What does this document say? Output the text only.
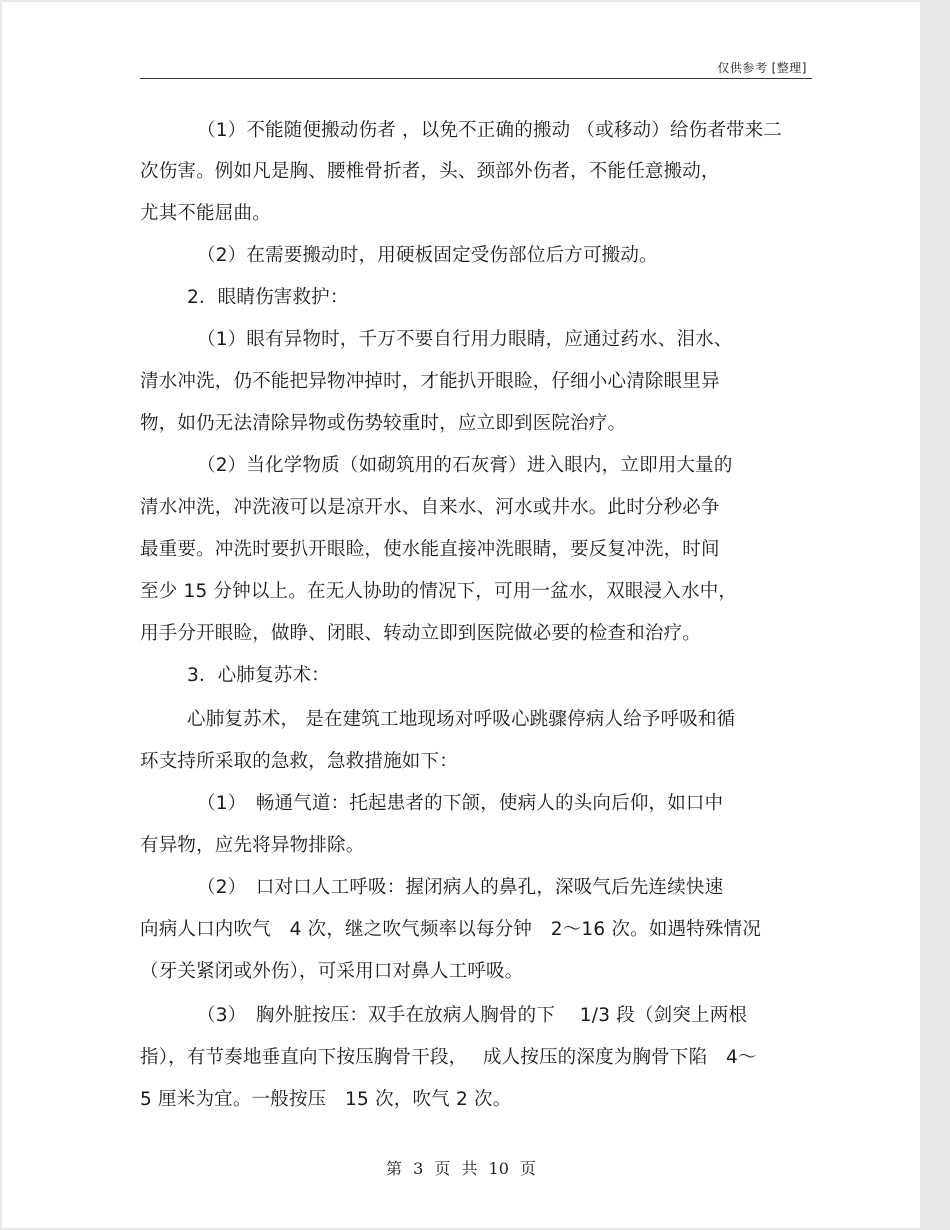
仅供参考 [整理]
（1）不能随便搬动伤者 ，以免不正确的搬动 （或移动）给伤者带来二
次伤害。例如凡是胸、腰椎骨折者，头、颈部外伤者，不能任意搬动，
尤其不能屈曲。
（2）在需要搬动时，用硬板固定受伤部位后方可搬动。
2．眼睛伤害救护：
（1）眼有异物时，千万不要自行用力眼睛，应通过药水、泪水、
清水冲洗，仍不能把异物冲掉时，才能扒开眼睑，仔细小心清除眼里异
物，如仍无法清除异物或伤势较重时，应立即到医院治疗。
（2）当化学物质（如砌筑用的石灰膏）进入眼内，立即用大量的
清水冲洗，冲洗液可以是凉开水、自来水、河水或井水。此时分秒必争
最重要。冲洗时要扒开眼睑，使水能直接冲洗眼睛，要反复冲洗，时间
至少 15 分钟以上。在无人协助的情况下，可用一盆水，双眼浸入水中，
用手分开眼睑，做睁、闭眼、转动立即到医院做必要的检查和治疗。
3．心肺复苏术：
心肺复苏术， 是在建筑工地现场对呼吸心跳骤停病人给予呼吸和循
环支持所采取的急救，急救措施如下：
（1）　畅通气道：托起患者的下颌，使病人的头向后仰，如口中
有异物，应先将异物排除。
（2）　口对口人工呼吸：握闭病人的鼻孔，深吸气后先连续快速
向病人口内吹气　4 次，继之吹气频率以每分钟　2～16 次。如遇特殊情况
（牙关紧闭或外伤），可采用口对鼻人工呼吸。
（3）　胸外脏按压：双手在放病人胸骨的下　 1/3 段（剑突上两根
指），有节奏地垂直向下按压胸骨干段，　 成人按压的深度为胸骨下陷　4～
5 厘米为宜。一般按压　15 次，吹气 2 次。
第 3 页 共 10 页
